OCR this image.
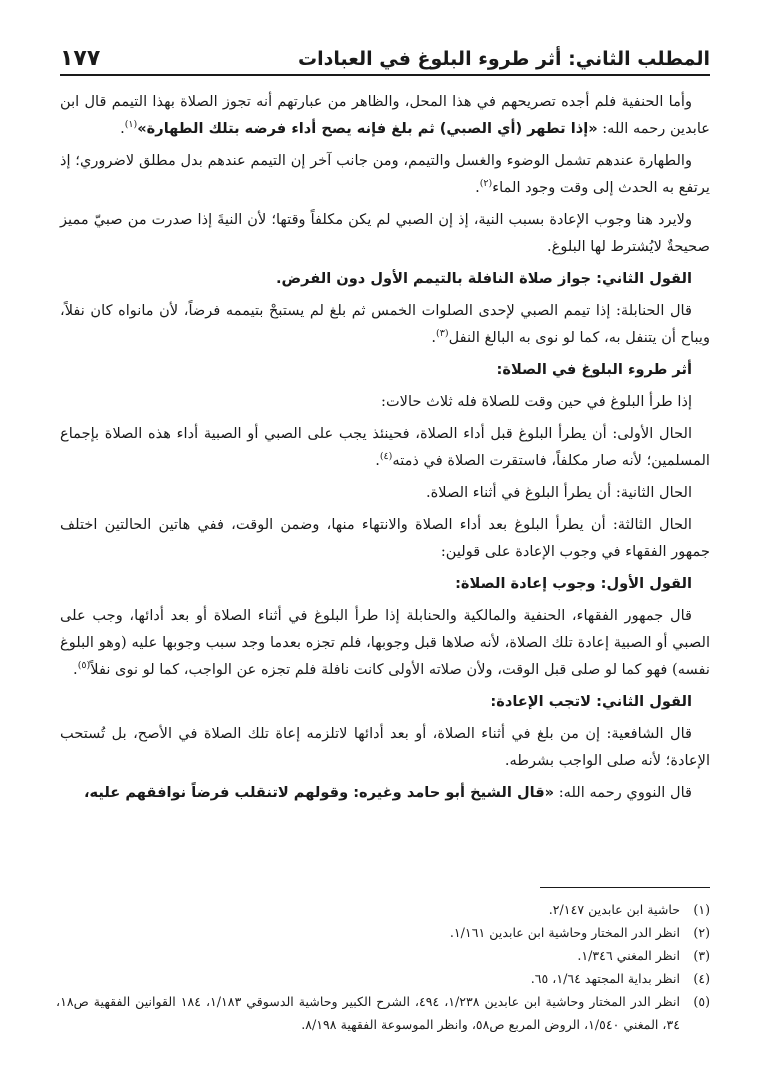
المطلب الثاني: أثر طروء البلوغ في العبادات
١٧٧

وأما الحنفية فلم أجده تصريحهم في هذا المحل، والظاهر من عبارتهم أنه تجوز الصلاة بهذا التيمم قال ابن عابدين رحمه الله: «إذا تطهر (أي الصبي) ثم بلغ فإنه يصح أداء فرضه بتلك الطهارة»$^{(١)}$.

والطهارة عندهم تشمل الوضوء والغسل والتيمم، ومن جانب آخر إن التيمم عندهم بدل مطلق لاضروري؛ إذ يرتفع به الحدث إلى وقت وجود الماء$^{(٢)}$.

ولايرد هنا وجوب الإعادة بسبب النية، إذ إن الصبي لم يكن مكلفاً وقتها؛ لأن النيةَ إذا صدرت من صبيّ مميز صحيحةٌ لايُشترط لها البلوغ.

القول الثاني: جواز صلاة النافلة بالتيمم الأول دون الفرض.

قال الحنابلة: إذا تيمم الصبي لإحدى الصلوات الخمس ثم بلغ لم يستبحْ بتيممه فرضاً، لأن مانواه كان نفلاً، ويباح أن يتنفل به، كما لو نوى به البالغ النفل$^{(٣)}$.

أثر طروء البلوغ في الصلاة:

إذا طرأ البلوغ في حين وقت للصلاة فله ثلاث حالات:

الحال الأولى: أن يطرأ البلوغ قبل أداء الصلاة، فحينئذ يجب على الصبي أو الصبية أداء هذه الصلاة بإجماع المسلمين؛ لأنه صار مكلفاً، فاستقرت الصلاة في ذمته$^{(٤)}$.

الحال الثانية: أن يطرأ البلوغ في أثناء الصلاة.

الحال الثالثة: أن يطرأ البلوغ بعد أداء الصلاة والانتهاء منها، وضمن الوقت، ففي هاتين الحالتين اختلف جمهور الفقهاء في وجوب الإعادة على قولين:

القول الأول: وجوب إعادة الصلاة:

قال جمهور الفقهاء، الحنفية والمالكية والحنابلة إذا طرأ البلوغ في أثناء الصلاة أو بعد أدائها، وجب على الصبي أو الصبية إعادة تلك الصلاة، لأنه صلاها قبل وجوبها، فلم تجزه بعدما وجد سبب وجوبها عليه (وهو البلوغ نفسه) فهو كما لو صلى قبل الوقت، ولأن صلاته الأولى كانت نافلة فلم تجزه عن الواجب، كما لو نوى نفلاً$^{(٥)}$.

القول الثاني: لاتجب الإعادة:

قال الشافعية: إن من بلغ في أثناء الصلاة، أو بعد أدائها لاتلزمه إعاة تلك الصلاة في الأصح، بل تُستحب الإعادة؛ لأنه صلى الواجب بشرطه.

قال النووي رحمه الله: «قال الشيخ أبو حامد وغيره: وقولهم لاتنقلب فرضاً نوافقهم عليه،

(١)
حاشية ابن عابدين ٢/١٤٧.
(٢)
انظر الدر المختار وحاشية ابن عابدين ١/١٦١.
(٣)
انظر المغني ١/٣٤٦.
(٤)
انظر بداية المجتهد ١/٦٤، ٦٥.
(٥)
انظر الدر المختار وحاشية ابن عابدين ١/٢٣٨، ٤٩٤، الشرح الكبير وحاشية الدسوقي ١/١٨٣، ١٨٤ القوانين الفقهية ص١٨، ٣٤، المغني ١/٥٤٠، الروض المربع ص٥٨، وانظر الموسوعة الفقهية ٨/١٩٨.
